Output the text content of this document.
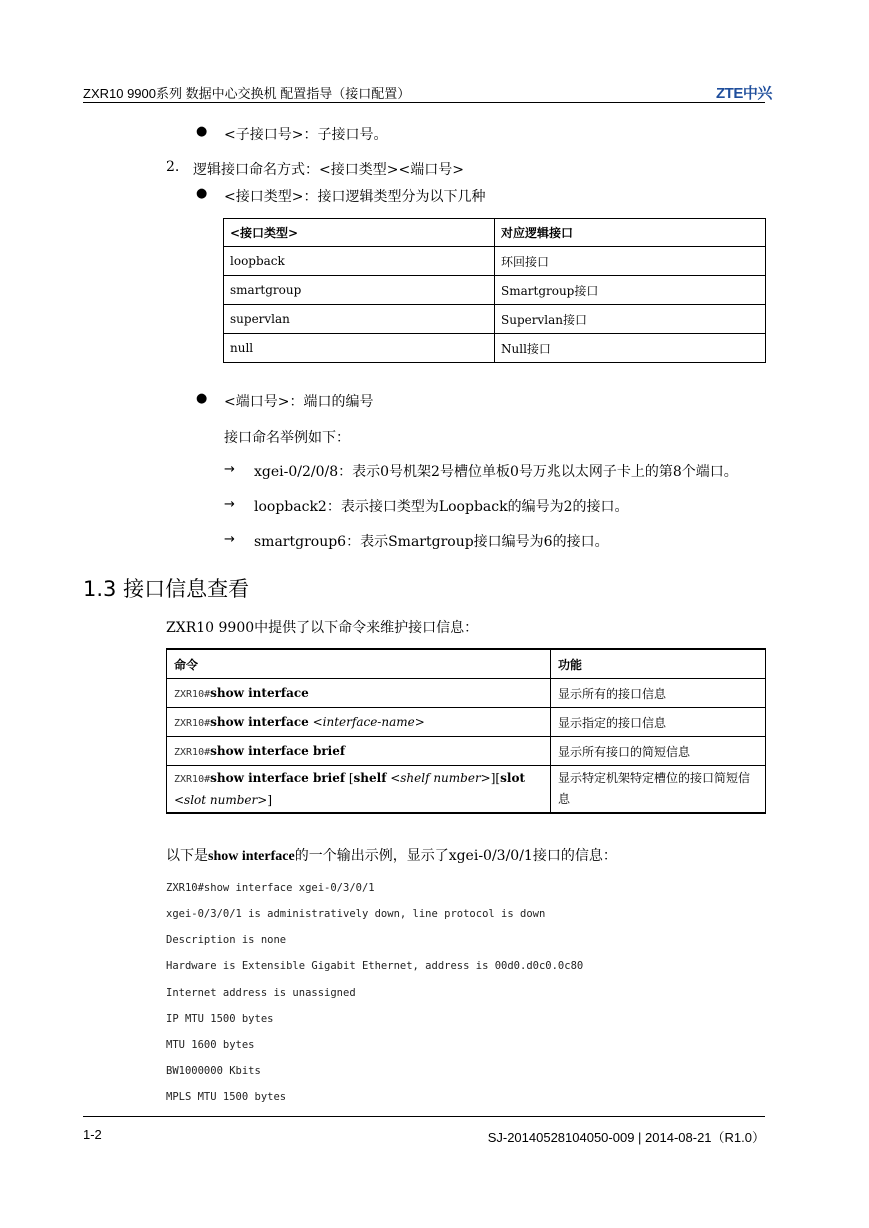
ZXR10 9900系列 数据中心交换机 配置指导（接口配置）	ZTE中兴
● <子接口号>：子接口号。
2. 逻辑接口命名方式：<接口类型><端口号>
● <接口类型>：接口逻辑类型分为以下几种
<接口类型>	对应逻辑接口
loopback	环回接口
smartgroup	Smartgroup接口
supervlan	Supervlan接口
null	Null接口
● <端口号>：端口的编号
接口命名举例如下：
→ xgei-0/2/0/8：表示0号机架2号槽位单板0号万兆以太网子卡上的第8个端口。
→ loopback2：表示接口类型为Loopback的编号为2的接口。
→ smartgroup6：表示Smartgroup接口编号为6的接口。
1.3 接口信息查看
ZXR10 9900中提供了以下命令来维护接口信息：
命令	功能
ZXR10#show interface	显示所有的接口信息
ZXR10#show interface <interface-name>	显示指定的接口信息
ZXR10#show interface brief	显示所有接口的简短信息
ZXR10#show interface brief [shelf <shelf number>][slot <slot number>]	显示特定机架特定槽位的接口简短信息
以下是show interface的一个输出示例，显示了xgei-0/3/0/1接口的信息：
ZXR10#show interface xgei-0/3/0/1
xgei-0/3/0/1 is administratively down, line protocol is down
Description is none
Hardware is Extensible Gigabit Ethernet, address is 00d0.d0c0.0c80
Internet address is unassigned
IP MTU 1500 bytes
MTU 1600 bytes
BW1000000 Kbits
MPLS MTU 1500 bytes
1-2	SJ-20140528104050-009 | 2014-08-21（R1.0）
